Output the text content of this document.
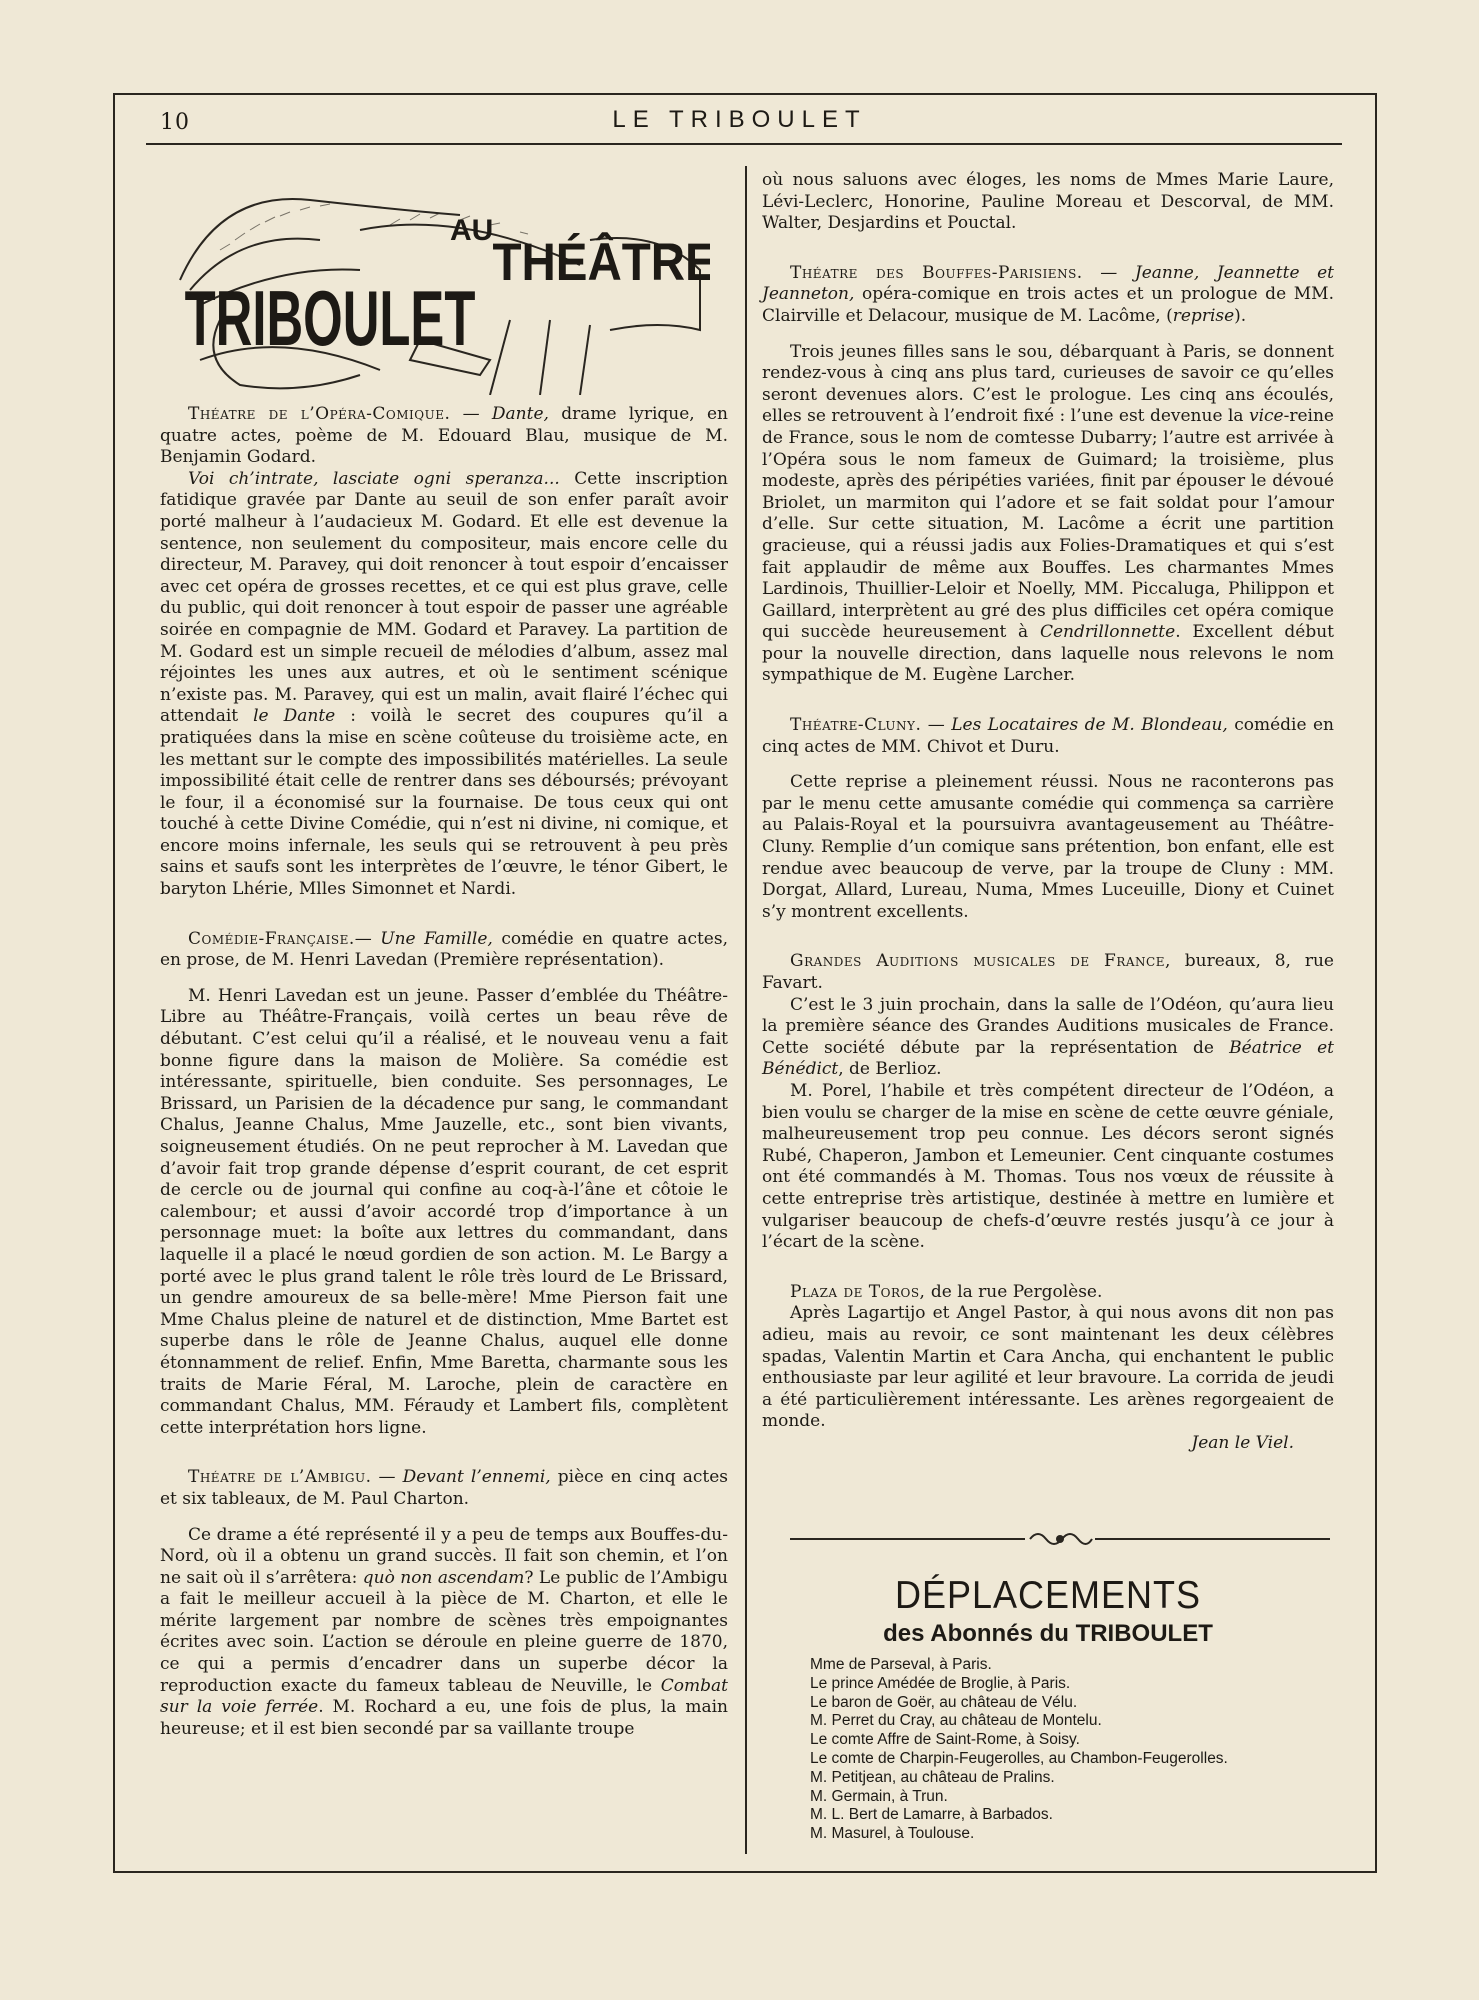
10	LE TRIBOULET
TRIBOULET
AU
THÉÂTRE

Théatre de l’Opéra-Comique. — Dante, drame lyrique, en quatre actes, poème de M. Edouard Blau, musique de M. Benjamin Godard.

Voi ch’intrate, lasciate ogni speranza... Cette inscription fatidique gravée par Dante au seuil de son enfer paraît avoir porté malheur à l’audacieux M. Godard. Et elle est devenue la sentence, non seulement du compositeur, mais encore celle du directeur, M. Paravey, qui doit renoncer à tout espoir d’encaisser avec cet opéra de grosses recettes, et ce qui est plus grave, celle du public, qui doit renoncer à tout espoir de passer une agréable soirée en compagnie de MM. Godard et Paravey. La partition de M. Godard est un simple recueil de mélodies d’album, assez mal réjointes les unes aux autres, et où le sentiment scénique n’existe pas. M. Paravey, qui est un malin, avait flairé l’échec qui attendait le Dante : voilà le secret des coupures qu’il a pratiquées dans la mise en scène coûteuse du troisième acte, en les mettant sur le compte des impossibilités matérielles. La seule impossibilité était celle de rentrer dans ses déboursés; prévoyant le four, il a économisé sur la fournaise. De tous ceux qui ont touché à cette Divine Comédie, qui n’est ni divine, ni comique, et encore moins infernale, les seuls qui se retrouvent à peu près sains et saufs sont les interprètes de l’œuvre, le ténor Gibert, le baryton Lhérie, Mlles Simonnet et Nardi.

Comédie-Française.— Une Famille, comédie en quatre actes, en prose, de M. Henri Lavedan (Première représentation).

M. Henri Lavedan est un jeune. Passer d’emblée du Théâtre-Libre au Théâtre-Français, voilà certes un beau rêve de débutant. C’est celui qu’il a réalisé, et le nouveau venu a fait bonne figure dans la maison de Molière. Sa comédie est intéressante, spirituelle, bien conduite. Ses personnages, Le Brissard, un Parisien de la décadence pur sang, le commandant Chalus, Jeanne Chalus, Mme Jauzelle, etc., sont bien vivants, soigneusement étudiés. On ne peut reprocher à M. Lavedan que d’avoir fait trop grande dépense d’esprit courant, de cet esprit de cercle ou de journal qui confine au coq-à-l’âne et côtoie le calembour; et aussi d’avoir accordé trop d’importance à un personnage muet: la boîte aux lettres du commandant, dans laquelle il a placé le nœud gordien de son action. M. Le Bargy a porté avec le plus grand talent le rôle très lourd de Le Brissard, un gendre amoureux de sa belle-mère! Mme Pierson fait une Mme Chalus pleine de naturel et de distinction, Mme Bartet est superbe dans le rôle de Jeanne Chalus, auquel elle donne étonnamment de relief. Enfin, Mme Baretta, charmante sous les traits de Marie Féral, M. Laroche, plein de caractère en commandant Chalus, MM. Féraudy et Lambert fils, complètent cette interprétation hors ligne.

Théatre de l’Ambigu. — Devant l’ennemi, pièce en cinq actes et six tableaux, de M. Paul Charton.

Ce drame a été représenté il y a peu de temps aux Bouffes-du-Nord, où il a obtenu un grand succès. Il fait son chemin, et l’on ne sait où il s’arrêtera: quò non ascendam? Le public de l’Ambigu a fait le meilleur accueil à la pièce de M. Charton, et elle le mérite largement par nombre de scènes très empoignantes écrites avec soin. L’action se déroule en pleine guerre de 1870, ce qui a permis d’encadrer dans un superbe décor la reproduction exacte du fameux tableau de Neuville, le Combat sur la voie ferrée. M. Rochard a eu, une fois de plus, la main heureuse; et il est bien secondé par sa vaillante troupe

où nous saluons avec éloges, les noms de Mmes Marie Laure, Lévi-Leclerc, Honorine, Pauline Moreau et Descorval, de MM. Walter, Desjardins et Pouctal.

Théatre des Bouffes-Parisiens. — Jeanne, Jeannette et Jeanneton, opéra-comique en trois actes et un prologue de MM. Clairville et Delacour, musique de M. Lacôme, (reprise).

Trois jeunes filles sans le sou, débarquant à Paris, se donnent rendez-vous à cinq ans plus tard, curieuses de savoir ce qu’elles seront devenues alors. C’est le prologue. Les cinq ans écoulés, elles se retrouvent à l’endroit fixé : l’une est devenue la vice-reine de France, sous le nom de comtesse Dubarry; l’autre est arrivée à l’Opéra sous le nom fameux de Guimard; la troisième, plus modeste, après des péripéties variées, finit par épouser le dévoué Briolet, un marmiton qui l’adore et se fait soldat pour l’amour d’elle. Sur cette situation, M. Lacôme a écrit une partition gracieuse, qui a réussi jadis aux Folies-Dramatiques et qui s’est fait applaudir de même aux Bouffes. Les charmantes Mmes Lardinois, Thuillier-Leloir et Noelly, MM. Piccaluga, Philippon et Gaillard, interprètent au gré des plus difficiles cet opéra comique qui succède heureusement à Cendrillonnette. Excellent début pour la nouvelle direction, dans laquelle nous relevons le nom sympathique de M. Eugène Larcher.

Théatre-Cluny. — Les Locataires de M. Blondeau, comédie en cinq actes de MM. Chivot et Duru.

Cette reprise a pleinement réussi. Nous ne raconterons pas par le menu cette amusante comédie qui commença sa carrière au Palais-Royal et la poursuivra avantageusement au Théâtre-Cluny. Remplie d’un comique sans prétention, bon enfant, elle est rendue avec beaucoup de verve, par la troupe de Cluny : MM. Dorgat, Allard, Lureau, Numa, Mmes Luceuille, Diony et Cuinet s’y montrent excellents.

Grandes Auditions musicales de France, bureaux, 8, rue Favart.

C’est le 3 juin prochain, dans la salle de l’Odéon, qu’aura lieu la première séance des Grandes Auditions musicales de France. Cette société débute par la représentation de Béatrice et Bénédict, de Berlioz.

M. Porel, l’habile et très compétent directeur de l’Odéon, a bien voulu se charger de la mise en scène de cette œuvre géniale, malheureusement trop peu connue. Les décors seront signés Rubé, Chaperon, Jambon et Lemeunier. Cent cinquante costumes ont été commandés à M. Thomas. Tous nos vœux de réussite à cette entreprise très artistique, destinée à mettre en lumière et vulgariser beaucoup de chefs-d’œuvre restés jusqu’à ce jour à l’écart de la scène.

Plaza de Toros, de la rue Pergolèse.

Après Lagartijo et Angel Pastor, à qui nous avons dit non pas adieu, mais au revoir, ce sont maintenant les deux célèbres spadas, Valentin Martin et Cara Ancha, qui enchantent le public enthousiaste par leur agilité et leur bravoure. La corrida de jeudi a été particulièrement intéressante. Les arènes regorgeaient de monde.

Jean le Viel.

DÉPLACEMENTS
des Abonnés du TRIBOULET
Mme de Parseval, à Paris.
Le prince Amédée de Broglie, à Paris.
Le baron de Goër, au château de Vélu.
M. Perret du Cray, au château de Montelu.
Le comte Affre de Saint-Rome, à Soisy.
Le comte de Charpin-Feugerolles, au Chambon-Feugerolles.
M. Petitjean, au château de Pralins.
M. Germain, à Trun.
M. L. Bert de Lamarre, à Barbados.
M. Masurel, à Toulouse.
